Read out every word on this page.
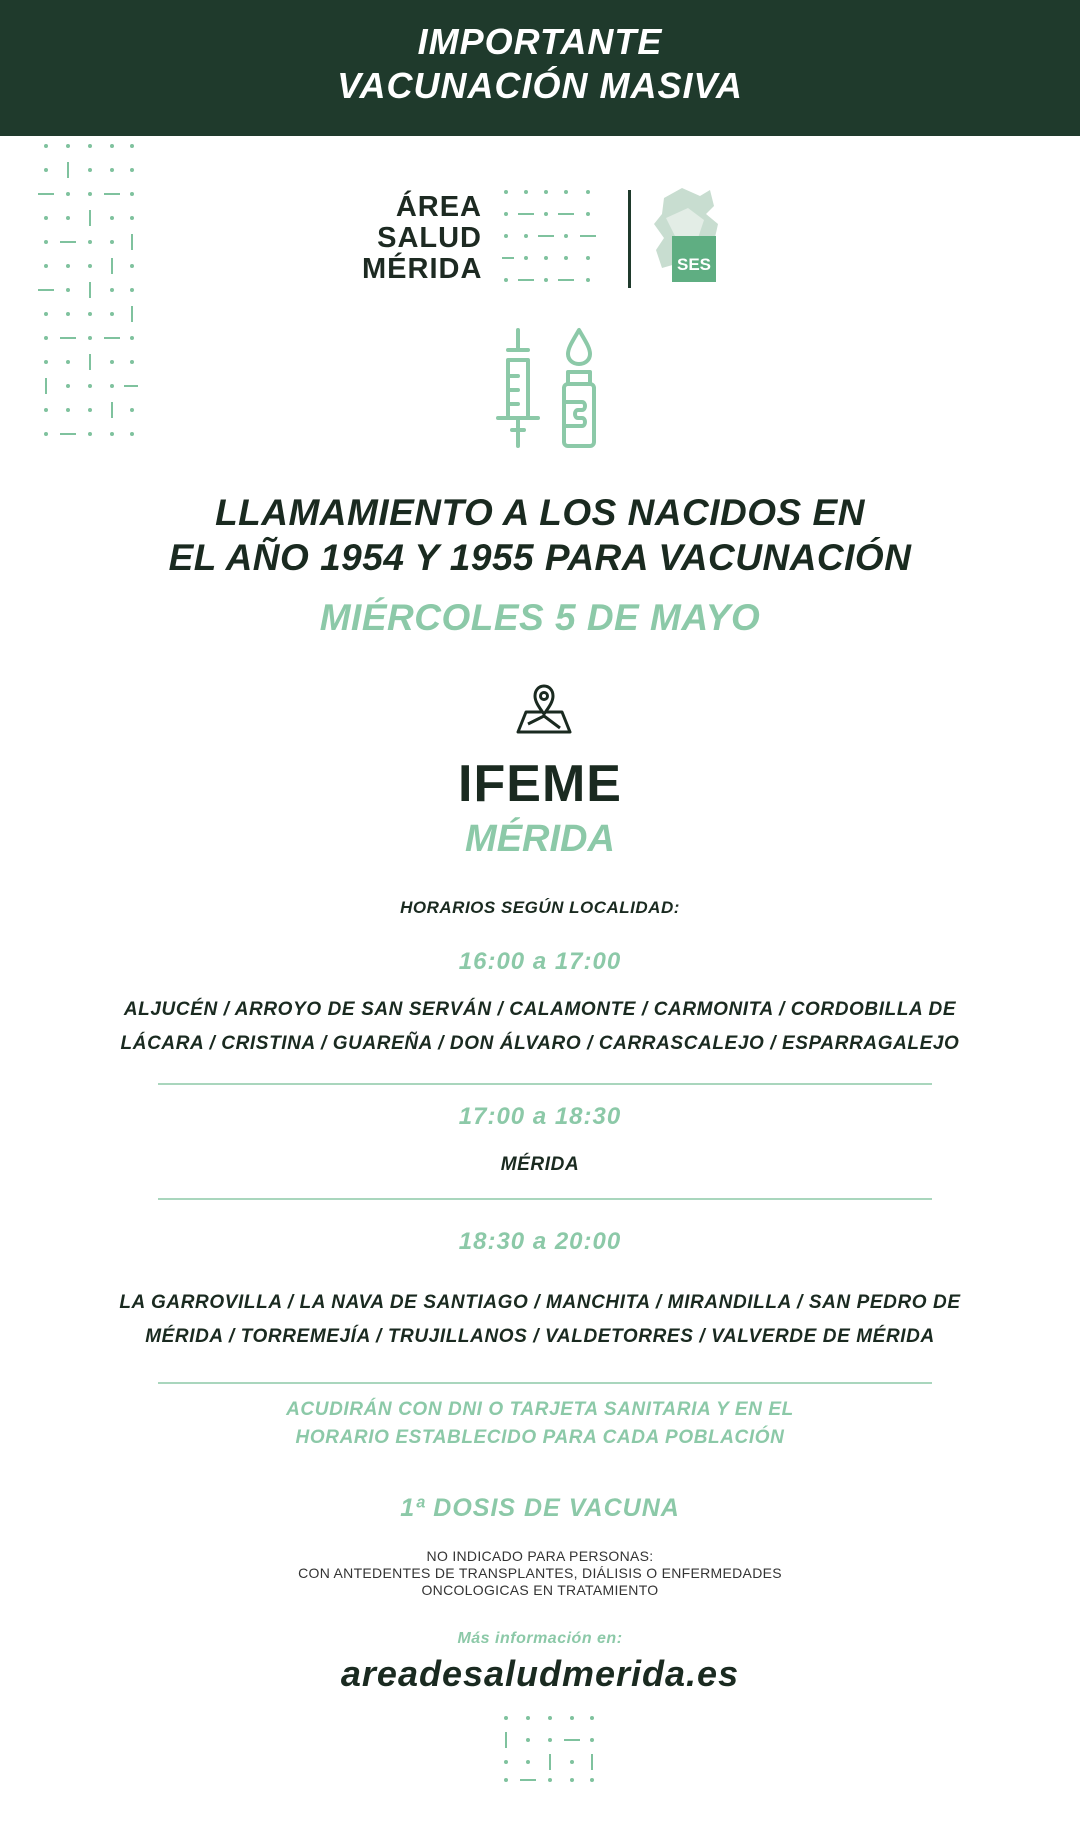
IMPORTANTE
VACUNACIÓN MASIVA
ÁREA
SALUD
MÉRIDA	SES
LLAMAMIENTO A LOS NACIDOS EN
EL AÑO 1954 Y 1955 PARA VACUNACIÓN
MIÉRCOLES 5 DE MAYO
IFEME
MÉRIDA
HORARIOS SEGÚN LOCALIDAD:
16:00 a 17:00
ALJUCÉN / ARROYO DE SAN SERVÁN / CALAMONTE / CARMONITA / CORDOBILLA DE
LÁCARA / CRISTINA / GUAREÑA / DON ÁLVARO / CARRASCALEJO / ESPARRAGALEJO
17:00 a 18:30
MÉRIDA
18:30 a 20:00
LA GARROVILLA / LA NAVA DE SANTIAGO / MANCHITA / MIRANDILLA / SAN PEDRO DE
MÉRIDA / TORREMEJÍA / TRUJILLANOS / VALDETORRES / VALVERDE DE MÉRIDA
ACUDIRÁN CON DNI O TARJETA SANITARIA Y EN EL
HORARIO ESTABLECIDO PARA CADA POBLACIÓN
1ª DOSIS DE VACUNA
NO INDICADO PARA PERSONAS:
CON ANTEDENTES DE TRANSPLANTES, DIÁLISIS O ENFERMEDADES
ONCOLOGICAS EN TRATAMIENTO
Más información en:
areadesaludmerida.es
